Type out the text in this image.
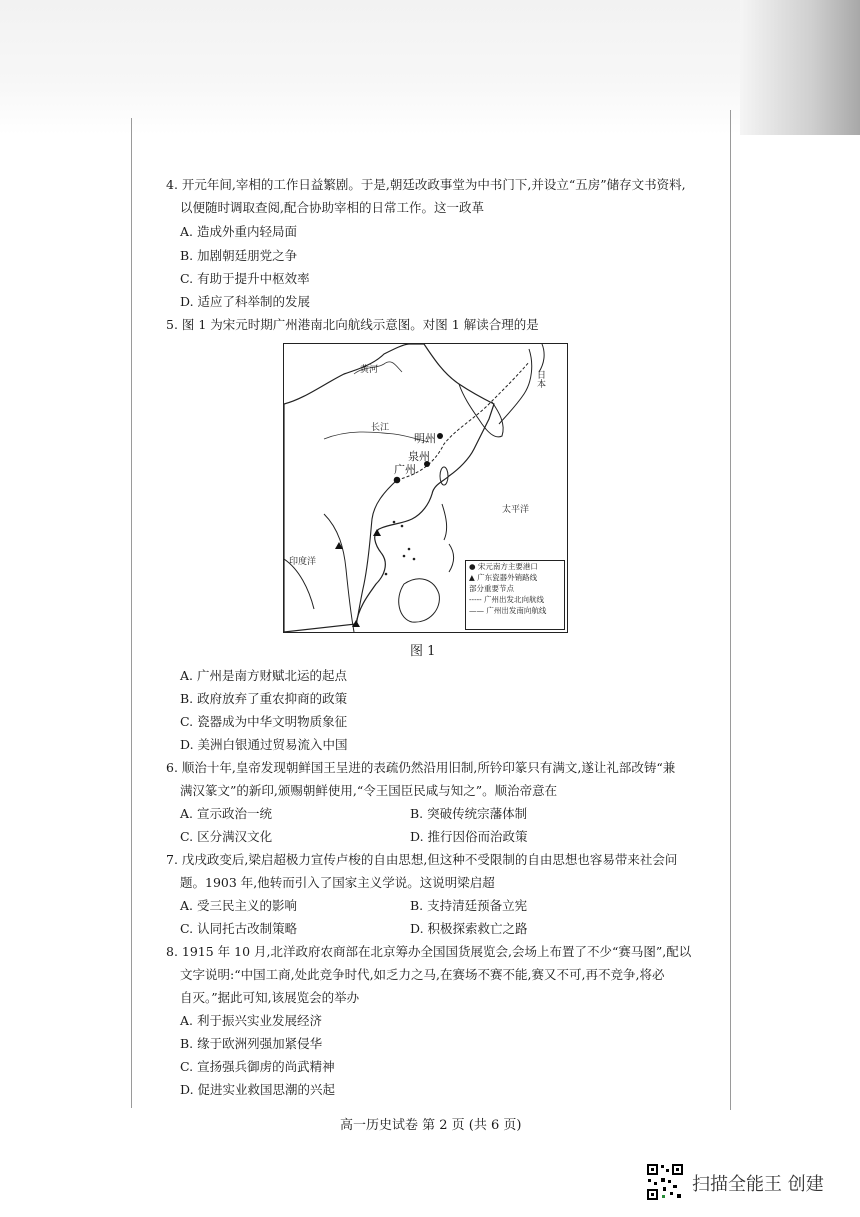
4. 开元年间,宰相的工作日益繁剧。于是,朝廷改政事堂为中书门下,并设立“五房”储存文书资料,
以便随时调取查阅,配合协助宰相的日常工作。这一政革
A. 造成外重内轻局面
B. 加剧朝廷朋党之争
C. 有助于提升中枢效率
D. 适应了科举制的发展
5. 图 1 为宋元时期广州港南北向航线示意图。对图 1 解读合理的是
黄河
长江
明州
泉州
广州
日本
太平洋
印度洋	● 宋元南方主要港口
▲ 广东瓷器外销路线
部分重要节点
----- 广州出发北向航线
—— 广州出发南向航线
图 1
A. 广州是南方财赋北运的起点
B. 政府放弃了重农抑商的政策
C. 瓷器成为中华文明物质象征
D. 美洲白银通过贸易流入中国
6. 顺治十年,皇帝发现朝鲜国王呈进的表疏仍然沿用旧制,所钤印篆只有满文,遂让礼部改铸“兼
满汉篆文”的新印,颁赐朝鲜使用,“令王国臣民咸与知之”。顺治帝意在
A. 宣示政治一统	B. 突破传统宗藩体制
C. 区分满汉文化	D. 推行因俗而治政策
7. 戊戌政变后,梁启超极力宣传卢梭的自由思想,但这种不受限制的自由思想也容易带来社会问
题。1903 年,他转而引入了国家主义学说。这说明梁启超
A. 受三民主义的影响	B. 支持清廷预备立宪
C. 认同托古改制策略	D. 积极探索救亡之路
8. 1915 年 10 月,北洋政府农商部在北京筹办全国国货展览会,会场上布置了不少“赛马图”,配以
文字说明:“中国工商,处此竞争时代,如乏力之马,在赛场不赛不能,赛又不可,再不竞争,将必
自灭。”据此可知,该展览会的举办
A. 利于振兴实业发展经济
B. 缘于欧洲列强加紧侵华
C. 宣扬强兵御虏的尚武精神
D. 促进实业救国思潮的兴起
高一历史试卷 第 2 页 (共 6 页)
扫描全能王 创建
